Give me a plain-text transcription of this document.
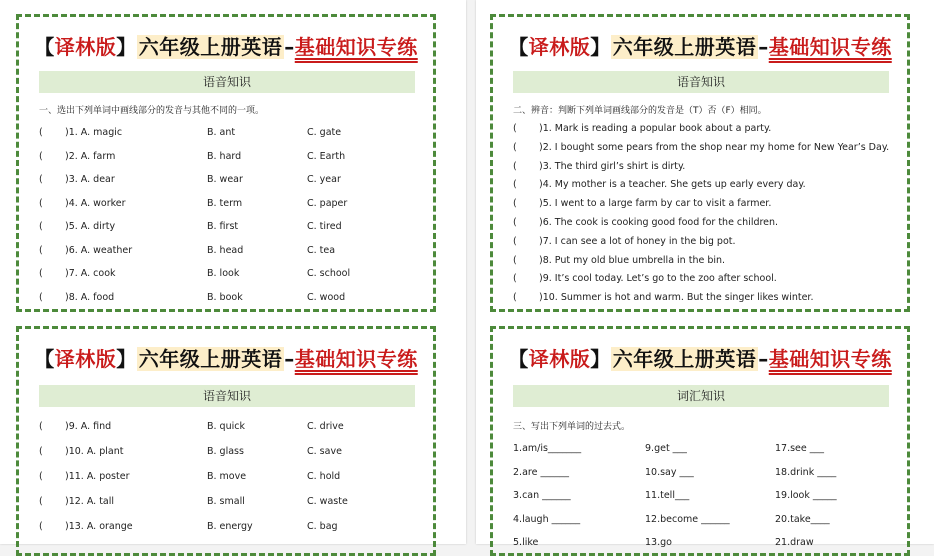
【译林版】 六年级上册英语 –基础知识专练
语音知识
一、选出下列单词中画线部分的发音与其他不同的一项。
( )1. A. magic	B. ant	C. gate
( )2. A. farm	B. hard	C. Earth
( )3. A. dear	B. wear	C. year
( )4. A. worker	B. term	C. paper
( )5. A. dirty	B. first	C. tired
( )6. A. weather	B. head	C. tea
( )7. A. cook	B. look	C. school
( )8. A. food	B. book	C. wood
【译林版】 六年级上册英语 –基础知识专练
语音知识
二、辨音：判断下列单词画线部分的发音是（T）否（F）相同。
( )1. Mark is reading a popular book about a party.
( )2. I bought some pears from the shop near my home for New Year’s Day.
( )3. The third girl’s shirt is dirty.
( )4. My mother is a teacher. She gets up early every day.
( )5. I went to a large farm by car to visit a farmer.
( )6. The cook is cooking good food for the children.
( )7. I can see a lot of honey in the big pot.
( )8. Put my old blue umbrella in the bin.
( )9. It’s cool today. Let’s go to the zoo after school.
( )10. Summer is hot and warm. But the singer likes winter.
【译林版】 六年级上册英语 –基础知识专练
语音知识
( )9. A. find	B. quick	C. drive
( )10. A. plant	B. glass	C. save
( )11. A. poster	B. move	C. hold
( )12. A. tall	B. small	C. waste
( )13. A. orange	B. energy	C. bag
【译林版】 六年级上册英语 –基础知识专练
词汇知识
三、写出下列单词的过去式。
1.am/is_______	9.get ___	17.see ___
2.are ______	10.say ___	18.drink ____
3.can ______	11.tell___	19.look _____
4.laugh ______	12.become ______	20.take____
5.like	13.go	21.draw
